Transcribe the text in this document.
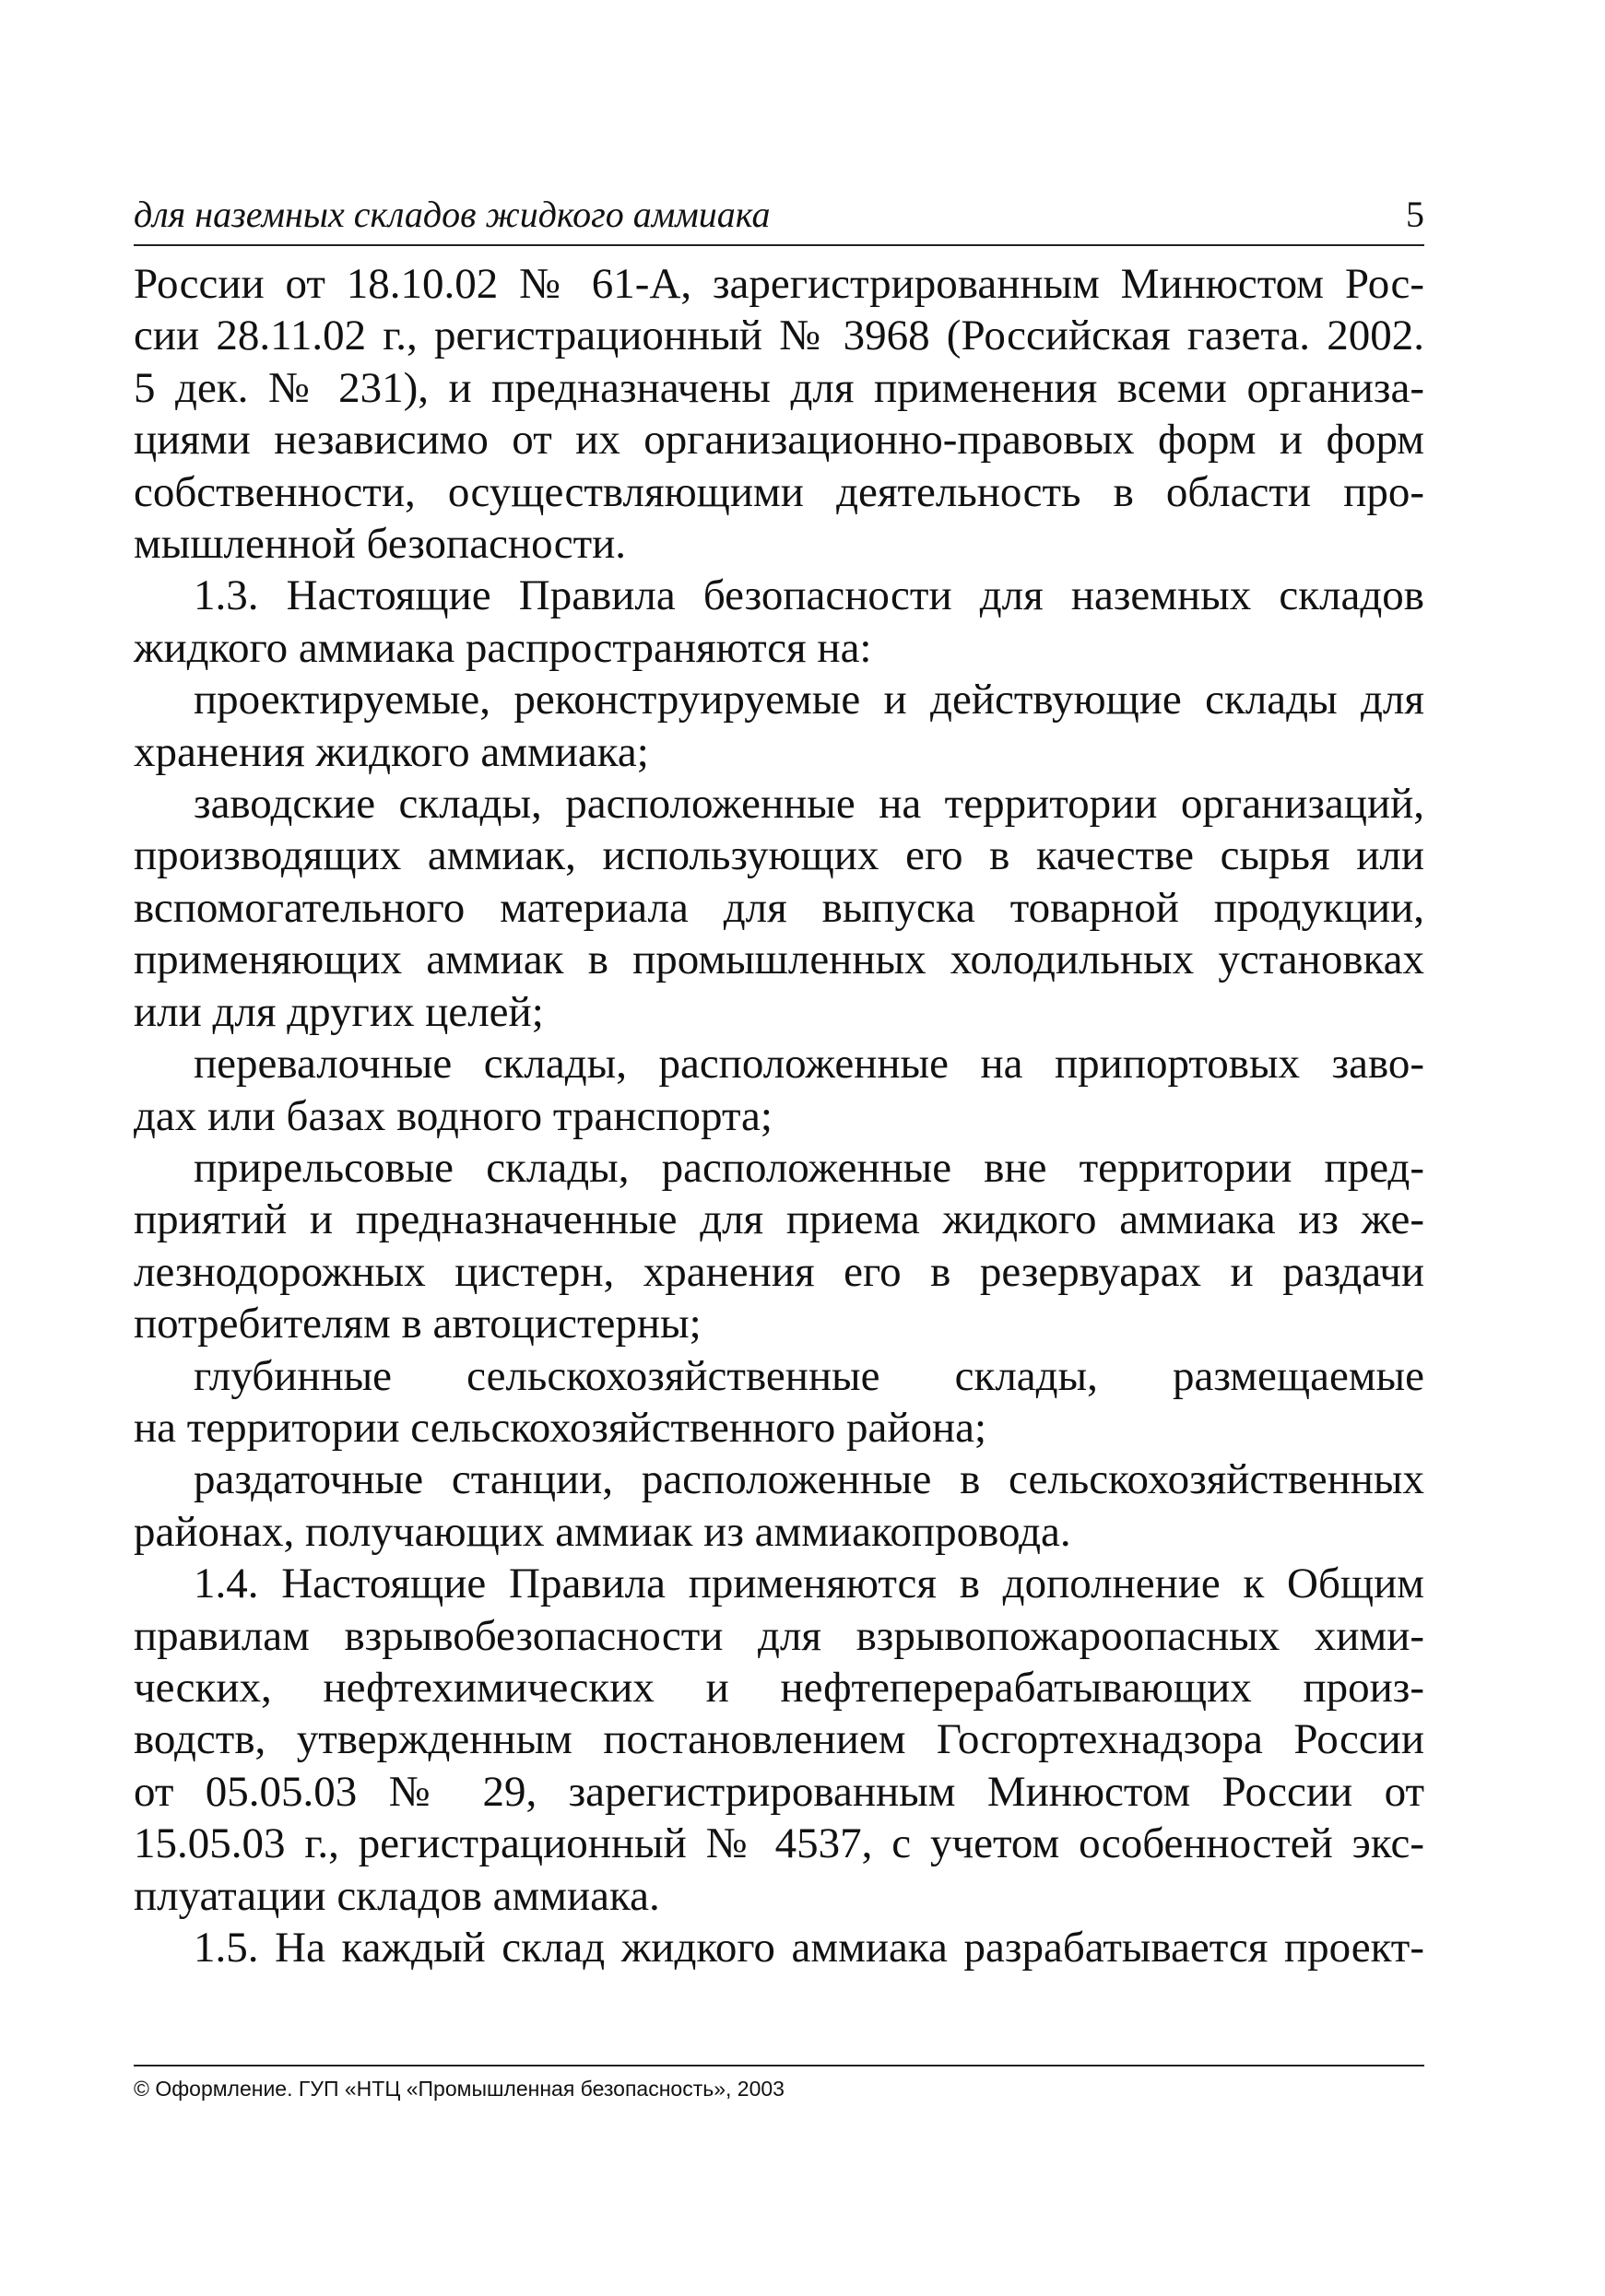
для наземных складов жидкого аммиака	5

России от 18.10.02 № 61-А, зарегистрированным Минюстом Рос-
сии 28.11.02 г., регистрационный № 3968 (Российская газета. 2002.
5 дек. № 231), и предназначены для применения всеми организа-
циями независимо от их организационно-правовых форм и форм
собственности, осуществляющими деятельность в области про-
мышленной безопасности.

1.3. Настоящие Правила безопасности для наземных складов
жидкого аммиака распространяются на:

проектируемые, реконструируемые и действующие склады для
хранения жидкого аммиака;

заводские склады, расположенные на территории организаций,
производящих аммиак, использующих его в качестве сырья или
вспомогательного материала для выпуска товарной продукции,
применяющих аммиак в промышленных холодильных установках
или для других целей;

перевалочные склады, расположенные на припортовых заво-
дах или базах водного транспорта;

прирельсовые склады, расположенные вне территории пред-
приятий и предназначенные для приема жидкого аммиака из же-
лезнодорожных цистерн, хранения его в резервуарах и раздачи
потребителям в автоцистерны;

глубинные сельскохозяйственные склады, размещаемые
на территории сельскохозяйственного района;

раздаточные станции, расположенные в сельскохозяйственных
районах, получающих аммиак из аммиакопровода.

1.4. Настоящие Правила применяются в дополнение к Общим
правилам взрывобезопасности для взрывопожароопасных хими-
ческих, нефтехимических и нефтеперерабатывающих произ-
водств, утвержденным постановлением Госгортехнадзора России
от 05.05.03 № 29, зарегистрированным Минюстом России от
15.05.03 г., регистрационный № 4537, с учетом особенностей экс-
плуатации складов аммиака.

1.5. На каждый склад жидкого аммиака разрабатывается проект-

© Оформление. ГУП «НТЦ «Промышленная безопасность», 2003
